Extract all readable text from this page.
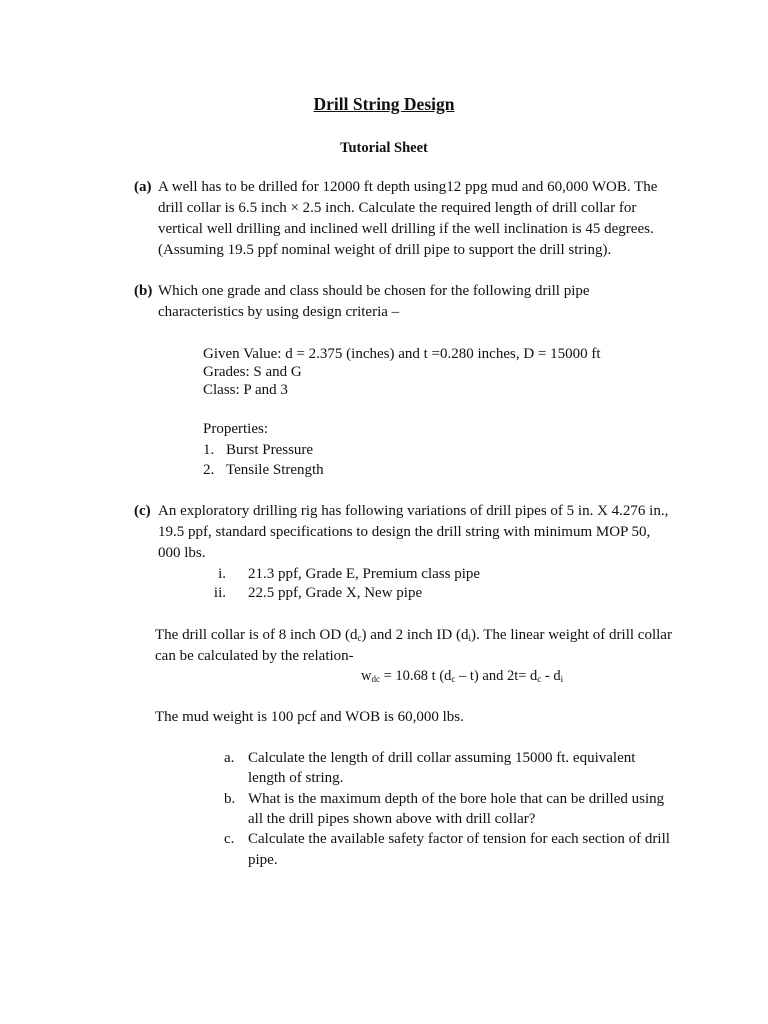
Drill String Design
Tutorial Sheet
(a) A well has to be drilled for 12000 ft depth using12 ppg mud and 60,000 WOB. The
drill collar is 6.5 inch × 2.5 inch. Calculate the required length of drill collar for
vertical well drilling and inclined well drilling if the well inclination is 45 degrees.
(Assuming 19.5 ppf nominal weight of drill pipe to support the drill string).
(b) Which one grade and class should be chosen for the following drill pipe
characteristics by using design criteria –
Given Value: d = 2.375 (inches) and t =0.280 inches, D = 15000 ft
Grades: S and G
Class: P and 3
Properties:
1. Burst Pressure
2. Tensile Strength
(c) An exploratory drilling rig has following variations of drill pipes of 5 in. X 4.276 in.,
19.5 ppf, standard specifications to design the drill string with minimum MOP 50,
000 lbs.
i. 21.3 ppf, Grade E, Premium class pipe
ii. 22.5 ppf, Grade X, New pipe
The drill collar is of 8 inch OD $(d_c)$ and 2 inch ID $(d_i)$. The linear weight of drill collar
can be calculated by the relation-
$w_{dc} = 10.68$ t $(d_c - t)$ and $2t= d_c - d_i$
The mud weight is 100 pcf and WOB is 60,000 lbs.
a. Calculate the length of drill collar assuming 15000 ft. equivalent
length of string.
b. What is the maximum depth of the bore hole that can be drilled using
all the drill pipes shown above with drill collar?
c. Calculate the available safety factor of tension for each section of drill
pipe.
